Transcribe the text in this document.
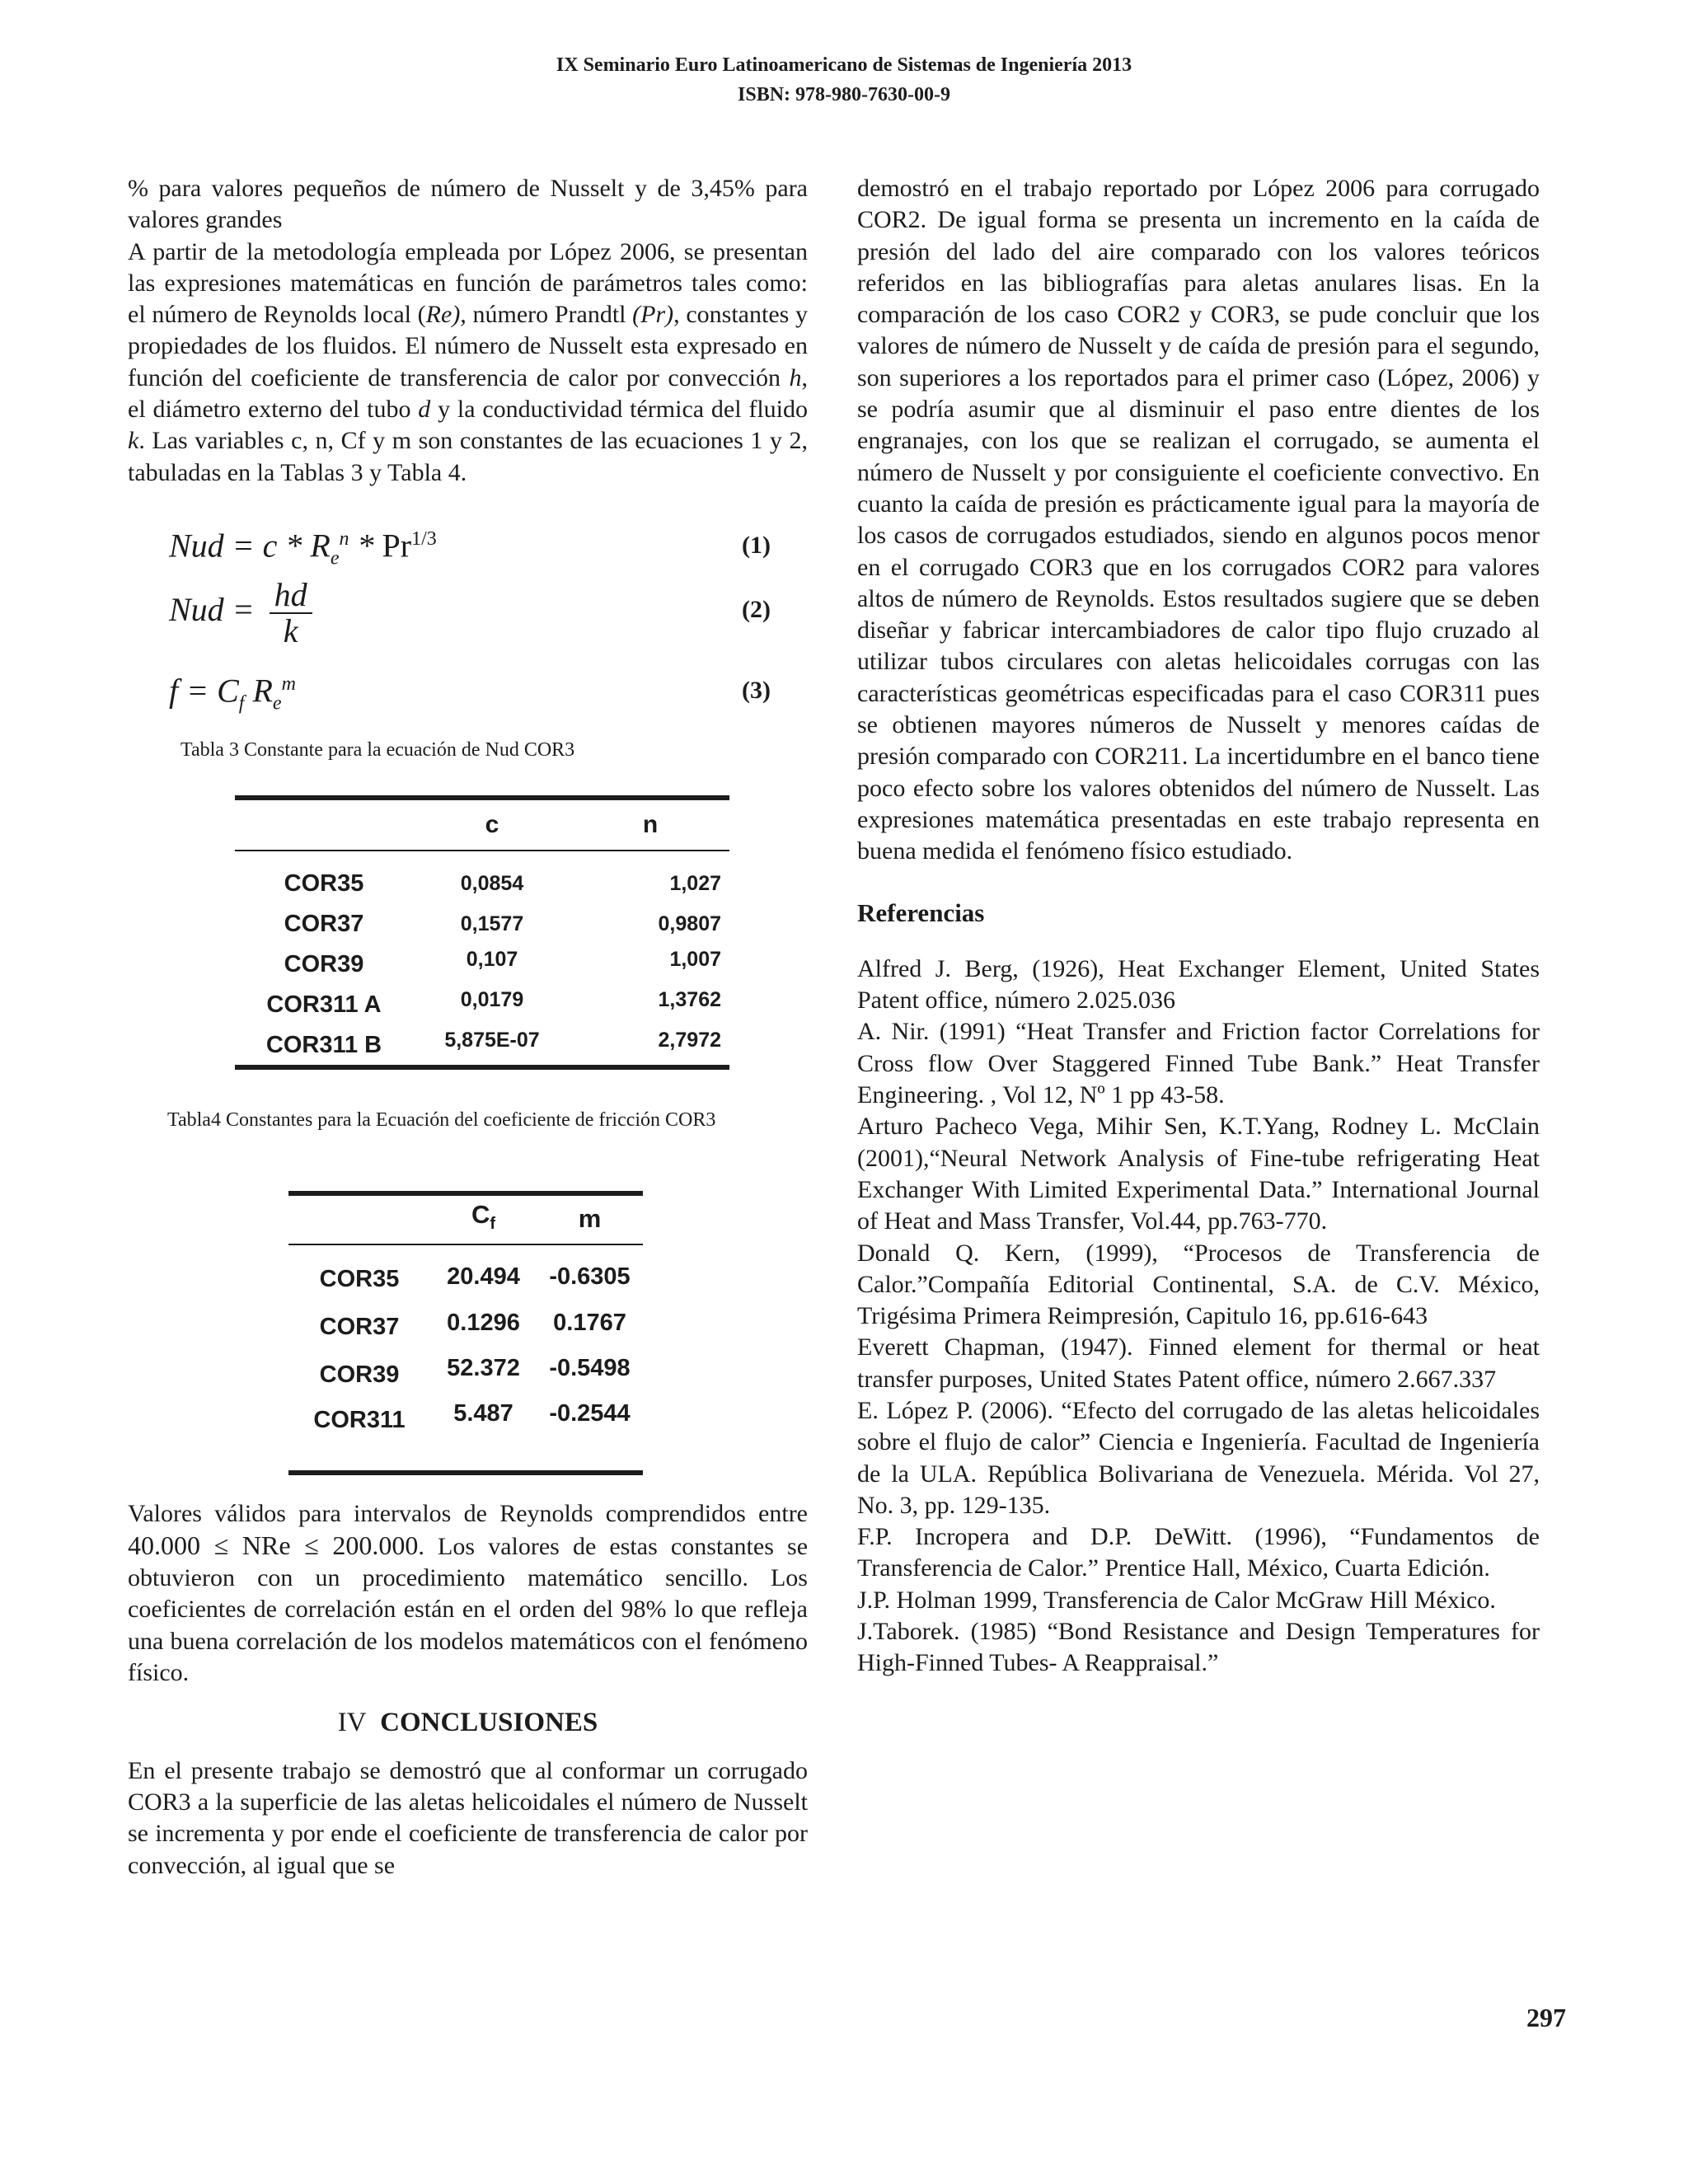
IX Seminario Euro Latinoamericano de Sistemas de Ingeniería 2013
ISBN: 978-980-7630-00-9

% para valores pequeños de número de Nusselt y de 3,45% para valores grandes

A partir de la metodología empleada por López 2006, se presentan las expresiones matemáticas en función de parámetros tales como: el número de Reynolds local (Re), número Prandtl (Pr), constantes y propiedades de los fluidos. El número de Nusselt esta expresado en función del coeficiente de transferencia de calor por convección h, el diámetro externo del tubo d y la conductividad térmica del fluido k. Las variables c, n, Cf y m son constantes de las ecuaciones 1 y 2, tabuladas en la Tablas 3 y Tabla 4.

Nud = c * $R_e^n * Pr^{1/3}$	(1)
Nud = $\frac{hd}{k}$	(2)
$f = C_f$ $R_e^m$	(3)
Tabla 3 Constante para la ecuación de Nud COR3
	c	n
COR35	0,0854	1,027
COR37	0,1577	0,9807
COR39	0,107	1,007
COR311 A	0,0179	1,3762
COR311 B	5,875E-07	2,7972
Tabla4 Constantes para la Ecuación del coeficiente de fricción COR3
	$C_f$	m
COR35	20.494	-0.6305
COR37	0.1296	0.1767
COR39	52.372	-0.5498
COR311	5.487	-0.2544

Valores válidos para intervalos de Reynolds comprendidos entre 40.000 ≤ NRe ≤ 200.000. Los valores de estas constantes se obtuvieron con un procedimiento matemático sencillo. Los coeficientes de correlación están en el orden del 98% lo que refleja una buena correlación de los modelos matemáticos con el fenómeno físico.

IV CONCLUSIONES

En el presente trabajo se demostró que al conformar un corrugado COR3 a la superficie de las aletas helicoidales el número de Nusselt se incrementa y por ende el coeficiente de transferencia de calor por convección, al igual que se

demostró en el trabajo reportado por López 2006 para corrugado COR2. De igual forma se presenta un incremento en la caída de presión del lado del aire comparado con los valores teóricos referidos en las bibliografías para aletas anulares lisas. En la comparación de los caso COR2 y COR3, se pude concluir que los valores de número de Nusselt y de caída de presión para el segundo, son superiores a los reportados para el primer caso (López, 2006) y se podría asumir que al disminuir el paso entre dientes de los engranajes, con los que se realizan el corrugado, se aumenta el número de Nusselt y por consiguiente el coeficiente convectivo. En cuanto la caída de presión es prácticamente igual para la mayoría de los casos de corrugados estudiados, siendo en algunos pocos menor en el corrugado COR3 que en los corrugados COR2 para valores altos de número de Reynolds. Estos resultados sugiere que se deben diseñar y fabricar intercambiadores de calor tipo flujo cruzado al utilizar tubos circulares con aletas helicoidales corrugas con las características geométricas especificadas para el caso COR311 pues se obtienen mayores números de Nusselt y menores caídas de presión comparado con COR211. La incertidumbre en el banco tiene poco efecto sobre los valores obtenidos del número de Nusselt. Las expresiones matemática presentadas en este trabajo representa en buena medida el fenómeno físico estudiado.

Referencias

Alfred J. Berg, (1926), Heat Exchanger Element, United States Patent office, número 2.025.036

A. Nir. (1991) “Heat Transfer and Friction factor Correlations for Cross flow Over Staggered Finned Tube Bank.” Heat Transfer Engineering. , Vol 12, Nº 1 pp 43-58.

Arturo Pacheco Vega, Mihir Sen, K.T.Yang, Rodney L. McClain (2001),“Neural Network Analysis of Fine-tube refrigerating Heat Exchanger With Limited Experimental Data.” International Journal of Heat and Mass Transfer, Vol.44, pp.763-770.

Donald Q. Kern, (1999), “Procesos de Transferencia de Calor.”Compañía Editorial Continental, S.A. de C.V. México, Trigésima Primera Reimpresión, Capitulo 16, pp.616-643

Everett Chapman, (1947). Finned element for thermal or heat transfer purposes, United States Patent office, número 2.667.337

E. López P. (2006). “Efecto del corrugado de las aletas helicoidales sobre el flujo de calor” Ciencia e Ingeniería. Facultad de Ingeniería de la ULA. República Bolivariana de Venezuela. Mérida. Vol 27, No. 3, pp. 129-135.

F.P. Incropera and D.P. DeWitt. (1996), “Fundamentos de Transferencia de Calor.” Prentice Hall, México, Cuarta Edición.

J.P. Holman 1999, Transferencia de Calor McGraw Hill México.

J.Taborek. (1985) “Bond Resistance and Design Temperatures for High-Finned Tubes- A Reappraisal.”

297
